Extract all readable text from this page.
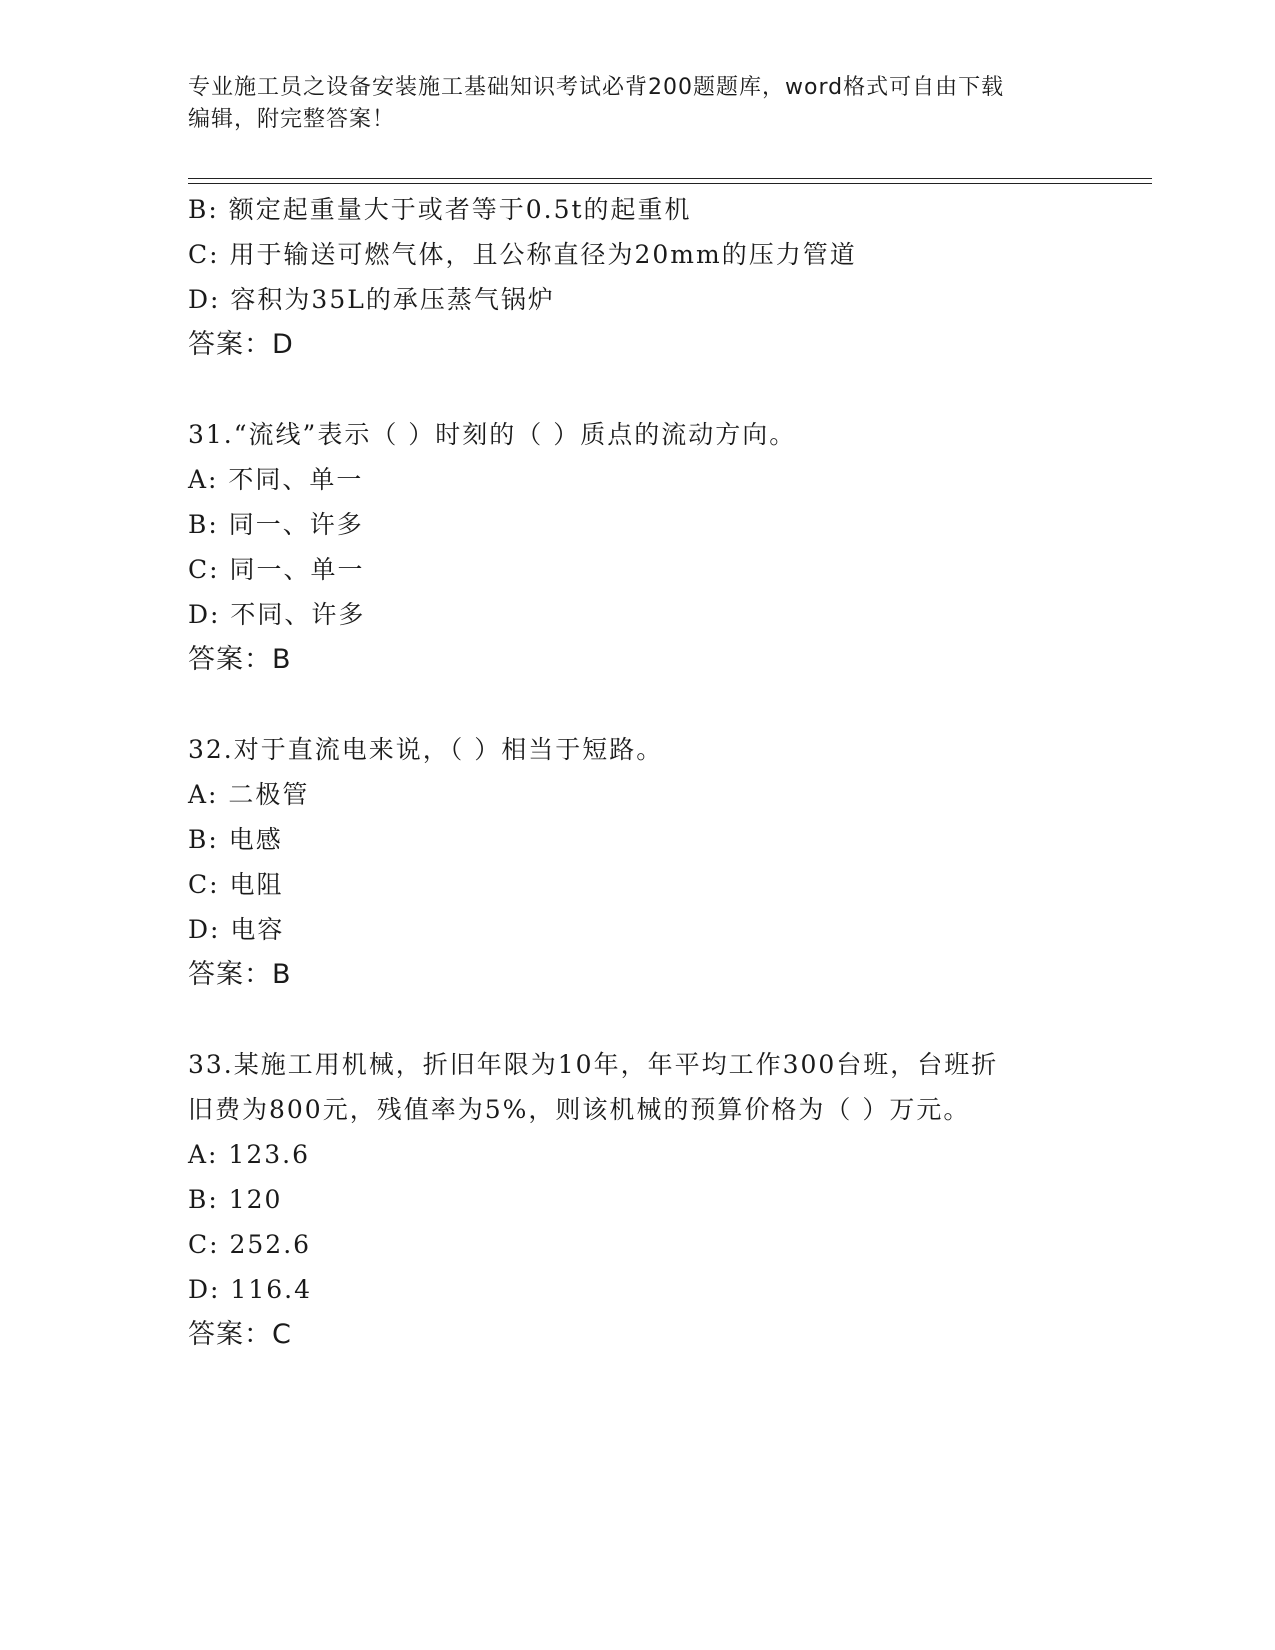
专业施工员之设备安装施工基础知识考试必背200题题库，word格式可自由下载
编辑，附完整答案！
B: 额定起重量大于或者等于0.5t的起重机
C: 用于输送可燃气体，且公称直径为20mm的压力管道
D: 容积为35L的承压蒸气锅炉
答案：D
31.“流线”表示（ ）时刻的（ ）质点的流动方向。
A: 不同、单一
B: 同一、许多
C: 同一、单一
D: 不同、许多
答案：B
32.对于直流电来说，（ ）相当于短路。
A: 二极管
B: 电感
C: 电阻
D: 电容
答案：B
33.某施工用机械，折旧年限为10年，年平均工作300台班，台班折
旧费为800元，残值率为5%，则该机械的预算价格为（ ）万元。
A: 123.6
B: 120
C: 252.6
D: 116.4
答案：C
